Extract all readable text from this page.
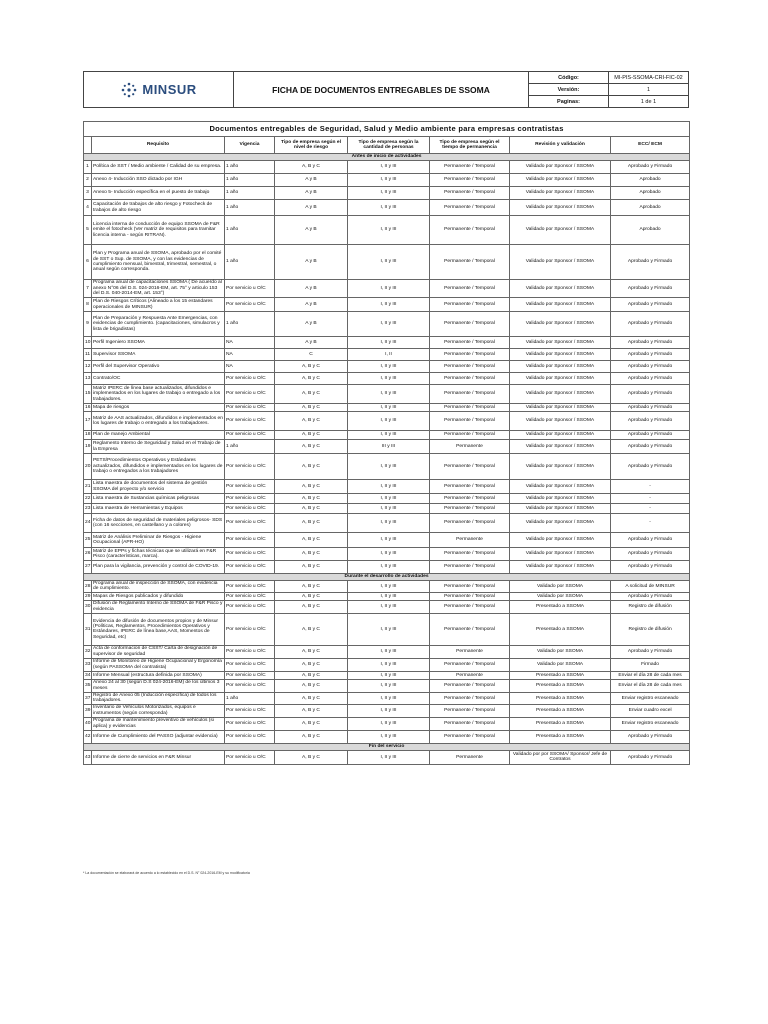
MINSUR	FICHA DE DOCUMENTOS ENTREGABLES DE SSOMA	Código:	MI-PIS-SSOMA-CRI-FIC-02
		Versión:	1
		Paginas:	1 de 1
Documentos entregables de Seguridad, Salud y Medio ambiente para empresas contratistas							
	Requisito	Vigencia	Tipo de empresa según el nivel de riesgo	Tipo de empresa según la cantidad de personas	Tipo de empresa según el tiempo de permanencia	Revisión y validación	ECC/ ECM
Antes de inicio de actividades							
1	Política de SST / Medio ambiente / Calidad de su empresa.	1 año	A, B y C	I, II y III	Permanente / Temporal	Validado por Sponsor / SSOMA	Aprobado y Firmado
2	Anexo 4- Inducción SSO dictado por IGH	1 año	A y B	I, II y III	Permanente / Temporal	Validado por Sponsor / SSOMA	Aprobado
3	Anexo 5- Inducción específica en el puesto de trabajo	1 año	A y B	I, II y III	Permanente / Temporal	Validado por Sponsor / SSOMA	Aprobado
4	Capacitación de trabajos de alto riesgo y Fotocheck de trabajos de alto riesgo	1 año	A y B	I, II y III	Permanente / Temporal	Validado por Sponsor / SSOMA	Aprobado
5	Licencia interna de conducción de equipo SSOMA de F&R emite el fotocheck (Ver matriz de requisitos para tramitar licencia interna - según RITRAN).	1 año	A y B	I, II y III	Permanente / Temporal	Validado por Sponsor / SSOMA	Aprobado
6	Plan y Programa anual de SSOMA, aprobado por el comité de SST o Sup. de SSOMA, y con las evidencias de cumplimiento mensual, bimestral, trimestral, semestral, o anual según corresponda.	1 año	A y B	I, II y III	Permanente / Temporal	Validado por Sponsor / SSOMA	Aprobado y Firmado
7	Programa anual de capacitaciones SSOMA ( De acuerdo al anexo N°06 del D.S. 024-2016-EM, art. 75° y articulo 153 del D.S. 040-2014-EM, art. 153°)	Por servicio u O/C	A y B	I, II y III	Permanente / Temporal	Validado por Sponsor / SSOMA	Aprobado y Firmado
8	Plan de Riesgos Críticos (Alineado a los 15 estandares operacionales de MINSUR)	Por servicio u O/C	A y B	I, II y III	Permanente / Temporal	Validado por Sponsor / SSOMA	Aprobado y Firmado
9	Plan de Preparación y Respuesta Ante Emergencias, con evidencias de cumplimiento. (capacitaciones, simulacros y lista de brigadistas)	1 año	A y B	I, II y III	Permanente / Temporal	Validado por Sponsor / SSOMA	Aprobado y Firmado
10	Perfil Ingeniero SSOMA	NA	A y B	I, II y III	Permanente / Temporal	Validado por Sponsor / SSOMA	Aprobado y Firmado
11	Supervisor SSOMA	NA	C	I, II	Permanente / Temporal	Validado por Sponsor / SSOMA	Aprobado y Firmado
12	Perfil del Supervisor Operativo	NA	A, B y C	I, II y III	Permanente / Temporal	Validado por Sponsor / SSOMA	Aprobado y Firmado
13	Contrato/OC	Por servicio u O/C	A, B y C	I, II y III	Permanente / Temporal	Validado por Sponsor / SSOMA	Aprobado y Firmado
15	Matriz IPERC de línea base actualizados, difundidos e implementados en los lugares de trabajo o entregado a los trabajadores.	Por servicio u O/C	A, B y C	I, II y III	Permanente / Temporal	Validado por Sponsor / SSOMA	Aprobado y Firmado
16	Mapa de riesgos	Por servicio u O/C	A, B y C	I, II y III	Permanente / Temporal	Validado por Sponsor / SSOMA	Aprobado y Firmado
17	Matriz de AAS actualizados, difundidos e implementados en los lugares de trabajo o entregado a los trabajadores.	Por servicio u O/C	A, B y C	I, II y III	Permanente / Temporal	Validado por Sponsor / SSOMA	Aprobado y Firmado
18	Plan de manejo Ambiental	Por servicio u O/C	A, B y C	I, II y III	Permanente / Temporal	Validado por Sponsor / SSOMA	Aprobado y Firmado
19	Reglamento Interno de Seguridad y Salud en el Trabajo de la Empresa	1 año	A, B y C	III y III	Permanente	Validado por Sponsor / SSOMA	Aprobado y Firmado
20	PETS/Procedimientos Operativos y Estándares actualizados, difundidos e implementados en los lugares de trabajo o entregados a los trabajadores	Por servicio u O/C	A, B y C	I, II y III	Permanente / Temporal	Validado por Sponsor / SSOMA	Aprobado y Firmado
21	Lista maestra de documentos del sistema de gestión SSOMA del proyecto y/o servicio	Por servicio u O/C	A, B y C	I, II y III	Permanente / Temporal	Validado por Sponsor / SSOMA	-
22	Lista maestra de Sustancias químicas peligrosas	Por servicio u O/C	A, B y C	I, II y III	Permanente / Temporal	Validado por Sponsor / SSOMA	-
23	Lista maestra de Herramientas y Equipos	Por servicio u O/C	A, B y C	I, II y III	Permanente / Temporal	Validado por Sponsor / SSOMA	-
24	Ficha de datos de seguridad de materiales peligrosos- SDS (con 16 secciones, en castellano y a colores)	Por servicio u O/C	A, B y C	I, II y III	Permanente / Temporal	Validado por Sponsor / SSOMA	-
25	Matriz de Análisis Preliminar de Riesgos - Higiene Ocupacional (APR-HO)	Por servicio u O/C	A, B y C	I, II y III	Permanente	Validado por Sponsor / SSOMA	Aprobado y Firmado
26	Matriz de EPPs y fichas técnicas que se utilizará en F&R Pisco (características, marca).	Por servicio u O/C	A, B y C	I, II y III	Permanente / Temporal	Validado por Sponsor / SSOMA	Aprobado y Firmado
27	Plan para la vigilancia, prevención y control de COVID-19.	Por servicio u O/C	A, B y C	I, II y III	Permanente / Temporal	Validado por Sponsor / SSOMA	Aprobado y Firmado
Durante el desarrollo de actividades							
28	Programa anual de inspección de SSOMA, con evidencia de cumplimiento.	Por servicio u O/C	A, B y C	I, II y III	Permanente / Temporal	Validado por SSOMA	A solicitud de MINSUR
29	Mapas de Riesgos publicados y difundido	Por servicio u O/C	A, B y C	I, II y III	Permanente / Temporal	Validado por SSOMA	Aprobado y Firmado
30	Difusión de Reglamento Interno de SSOMA de F&R Pisco y evidencia	Por servicio u O/C	A, B y C	I, II y III	Permanente / Temporal	Presentado a SSOMA	Registro de difusión
31	Evidencia de difusión de documentos propios y de Minsur (Políticas, Reglamentos, Procedimientos Operativos y Estándares, IPERC de línea base,AAS, Momentos de Seguridad, etc)	Por servicio u O/C	A, B y C	I, II y III	Permanente / Temporal	Presentado a SSOMA	Registro de difusión
32	Acta de conformacion de CSST/ Carta de designación de supervisor de seguridad	Por servicio u O/C	A, B y C	I, II y III	Permanente	Validado por SSOMA	Aprobado y Firmado
33	Informe de Monitoreo de Higiene Ocupacional y Ergonomía (según PASSOMA del contratista)	Por servicio u O/C	A, B y C	I, II y III	Permanente / Temporal	Validado por SSOMA	Firmado
34	Informe Mensual (estructura definida por SSOMA)	Por servicio u O/C	A, B y C	I, II y III	Permanente	Presentado a SSOMA	Enviar el día 28 de cada mes
35	Anexo 24 al 30 (según D.S 024-2016-EM) de los últimos 3 meses	Por servicio u O/C	A, B y C	I, II y III	Permanente / Temporal	Presentado a SSOMA	Enviar el día 28 de cada mes
37	Registro de Anexo 05 (Inducción específica) de todos los trabajadores.	1 año	A, B y C	I, II y III	Permanente / Temporal	Presentado a SSOMA	Enviar registro escaneado
39	Inventario de Vehículos Motorizados, equipos e instrumentos (según corresponda)	Por servicio u O/C	A, B y C	I, II y III	Permanente / Temporal	Presentado a SSOMA	Enviar cuadro excel
40	Programa de mantenimiento preventivo de vehículos (si aplica) y evidencias	Por servicio u O/C	A, B y C	I, II y III	Permanente / Temporal	Presentado a SSOMA	Enviar registro escaneado
42	Informe de Cumplimiento del PASSO (adjuntar evidencia)	Por servicio u O/C	A, B y C	I, II y III	Permanente / Temporal	Presentado a SSOMA	Aprobado y Firmado
Fin del servicio							
43	Informe de cierre de servicios en F&R Minsur	Por servicio u O/C	A, B y C	I, II y III	Permanente	Validado por por SSOMA/ Sponsor/ Jefe de Contratos	Aprobado y Firmado
* La documentación se elaborará de acuerdo a lo establecido en el D.S. N° 024-2016-EM y su modificatoria
